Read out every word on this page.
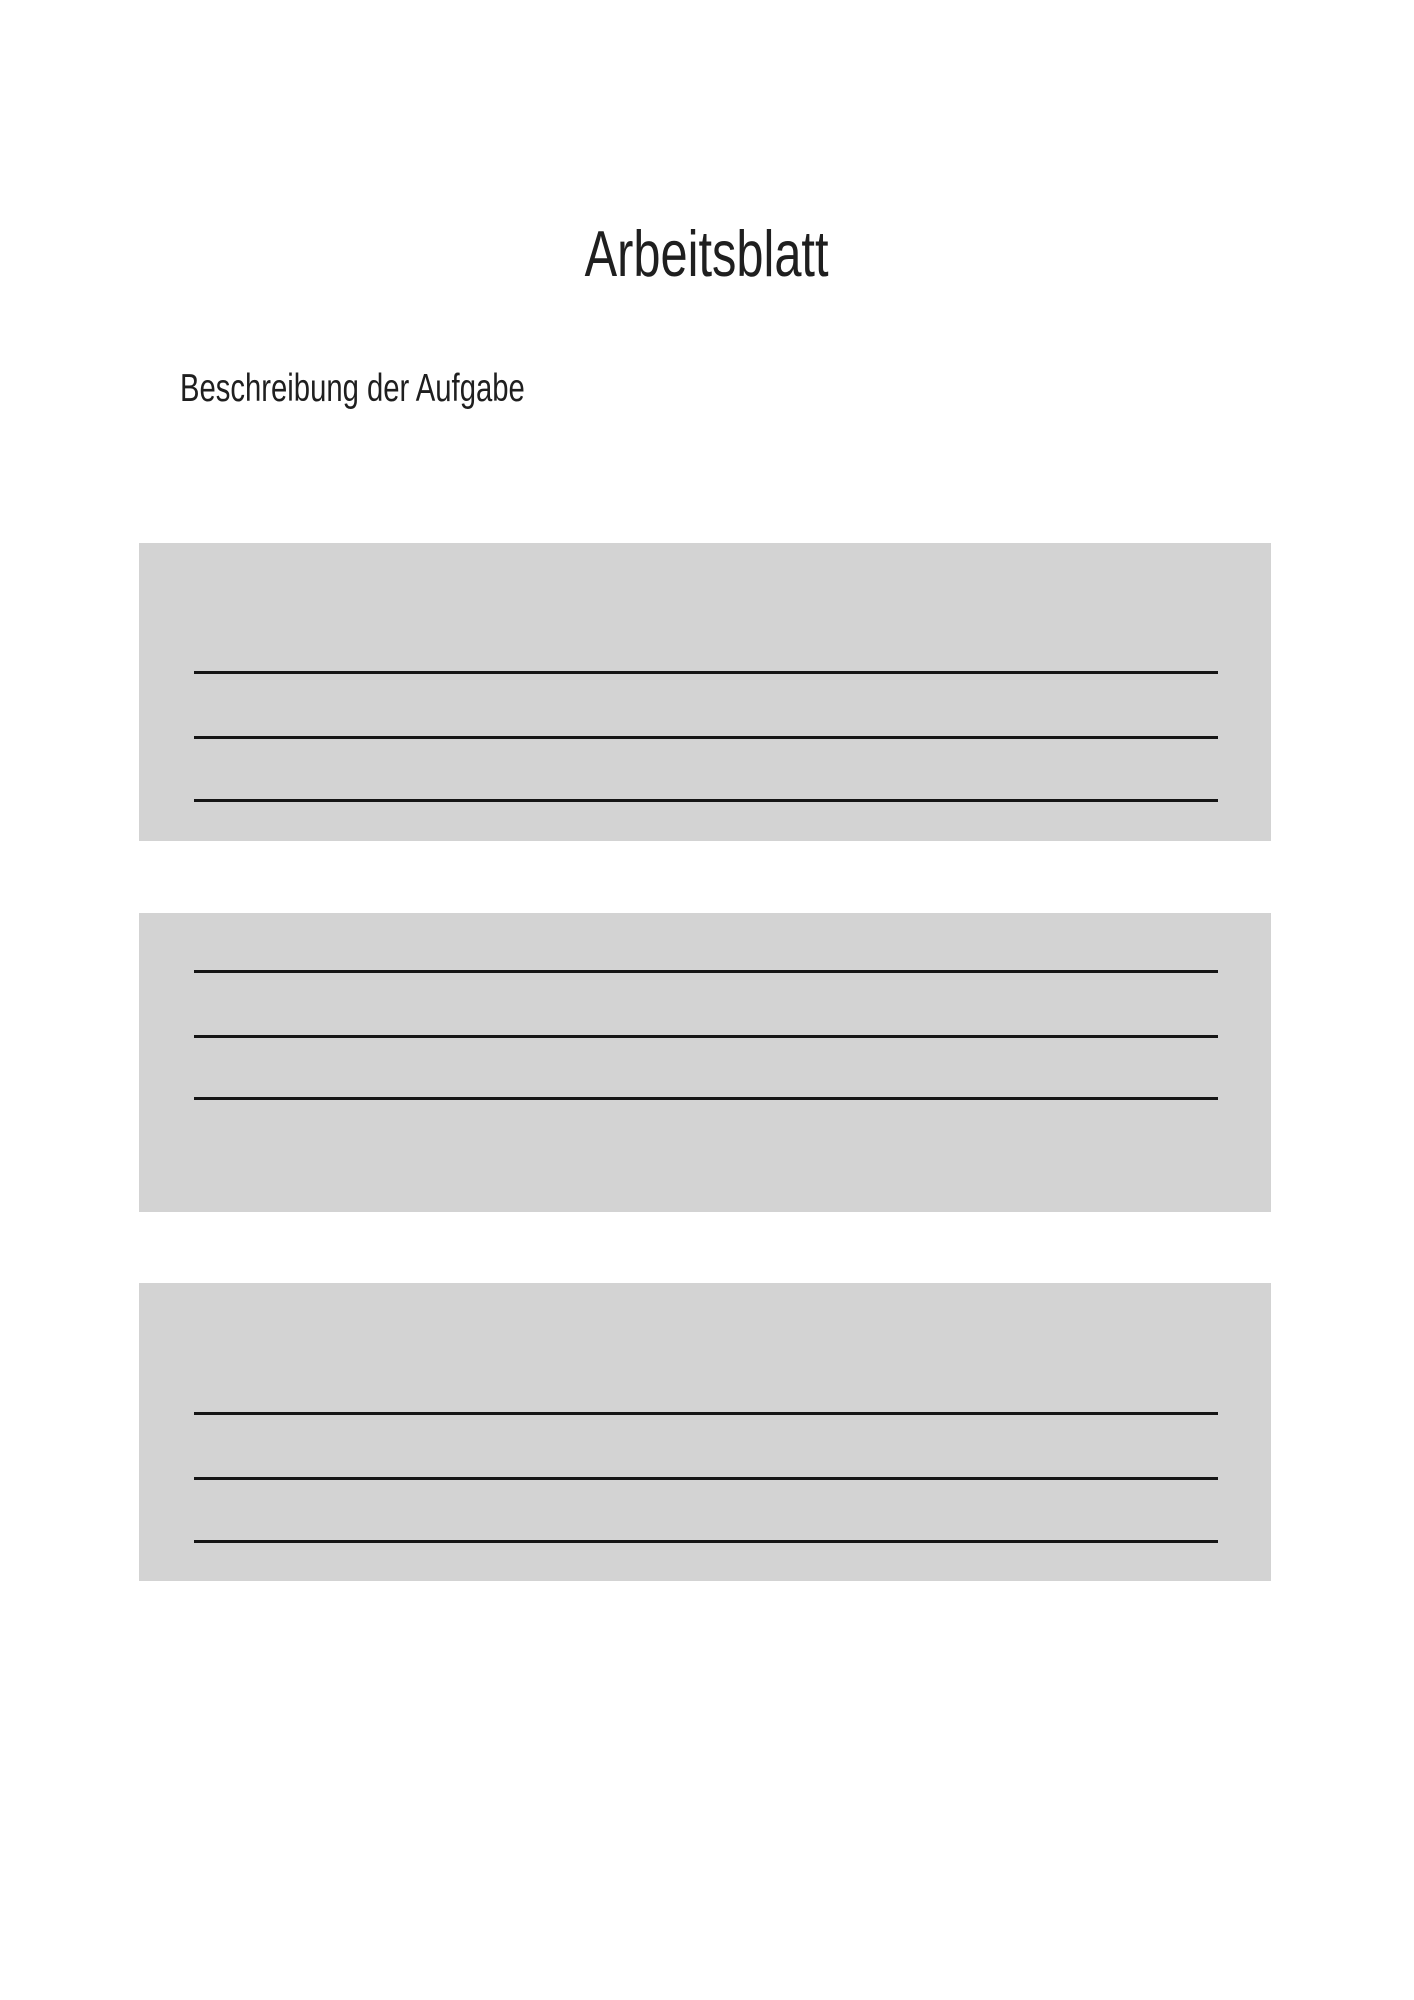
Arbeitsblatt
Beschreibung der Aufgabe
